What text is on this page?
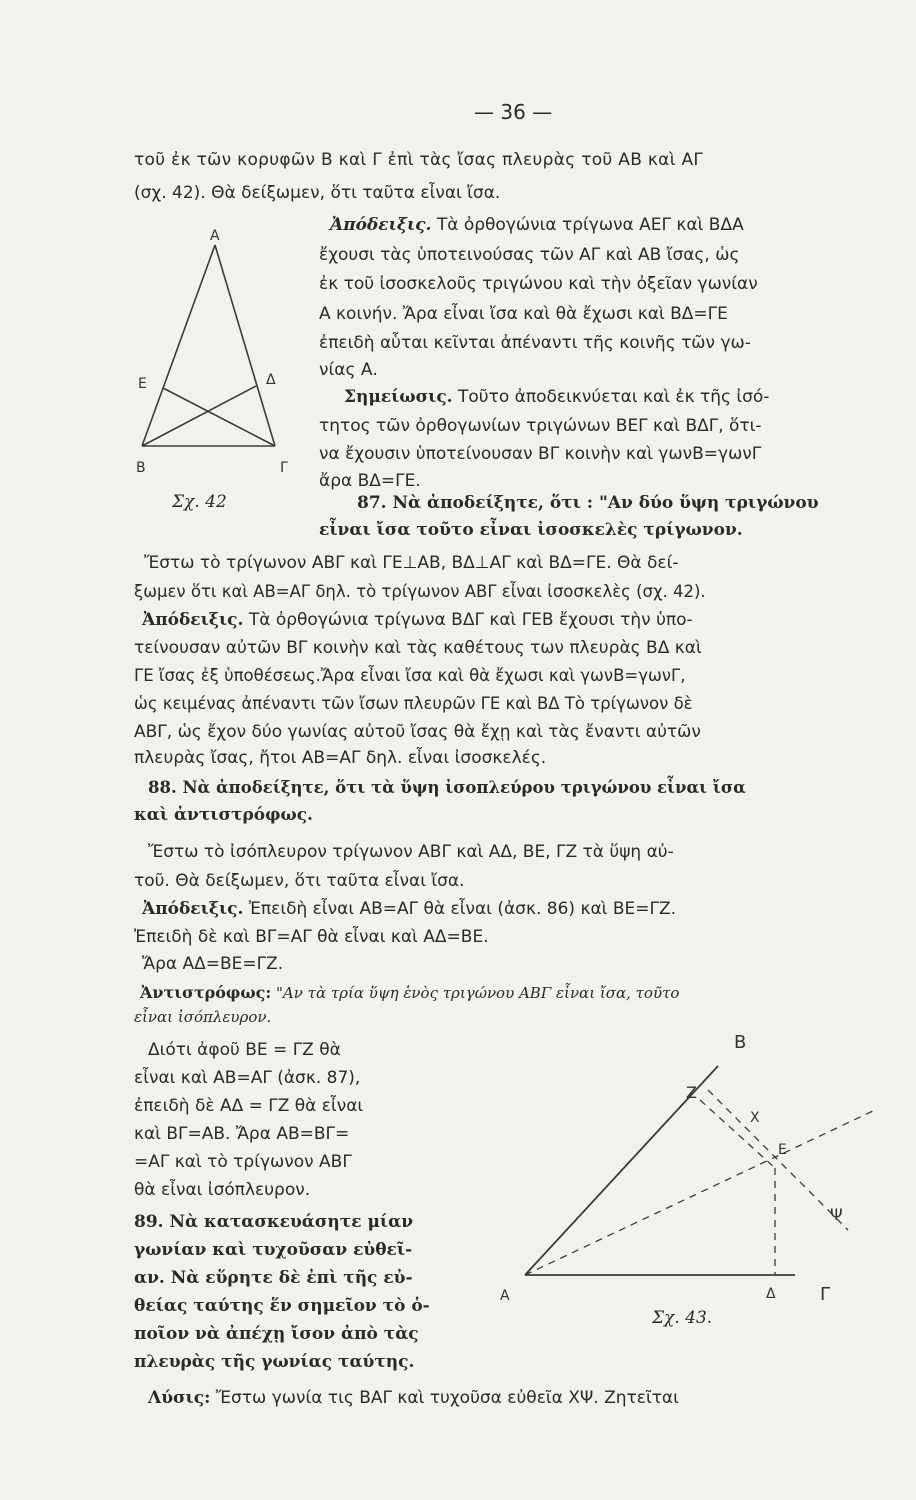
— 36 —
τοῦ ἐκ τῶν κορυφῶν Β καὶ Γ ἐπὶ τὰς ἴσας πλευρὰς τοῦ ΑΒ καὶ ΑΓ
(σχ. 42). Θὰ δείξωμεν, ὅτι ταῦτα εἶναι ἴσα.
Α
Ε	Δ
Β	Γ
Σχ. 42
Ἀπόδειξις. Τὰ ὀρθογώνια τρίγωνα ΑΕΓ καὶ ΒΔΑ
ἔχουσι τὰς ὑποτεινούσας τῶν ΑΓ καὶ ΑΒ ἴσας, ὡς
ἐκ τοῦ ἰσοσκελοῦς τριγώνου καὶ τὴν ὀξεῖαν γωνίαν
Α κοινήν. Ἄρα εἶναι ἴσα καὶ θὰ ἔχωσι καὶ ΒΔ=ΓΕ
ἐπειδὴ αὗται κεῖνται ἀπέναντι τῆς κοινῆς τῶν γω-
νίας Α.
Σημείωσις. Τοῦτο ἀποδεικνύεται καὶ ἐκ τῆς ἰσό-
τητος τῶν ὀρθογωνίων τριγώνων ΒΕΓ καὶ ΒΔΓ, ὅτι-
να ἔχουσιν ὑποτείνουσαν ΒΓ κοινὴν καὶ γωνΒ=γωνΓ
ἄρα ΒΔ=ΓΕ.
87. Νὰ ἀποδείξητε, ὅτι : "Αν δύο ὕψη τριγώνου
εἶναι ἴσα τοῦτο εἶναι ἰσοσκελὲς τρίγωνον.
Ἔστω τὸ τρίγωνον ΑΒΓ καὶ ΓΕ⊥ΑΒ, ΒΔ⊥ΑΓ καὶ ΒΔ=ΓΕ. Θὰ δεί-
ξωμεν ὅτι καὶ ΑΒ=ΑΓ δηλ. τὸ τρίγωνον ΑΒΓ εἶναι ἰσοσκελὲς (σχ. 42).
Ἀπόδειξις. Τὰ ὀρθογώνια τρίγωνα ΒΔΓ καὶ ΓΕΒ ἔχουσι τὴν ὑπο-
τείνουσαν αὐτῶν ΒΓ κοινὴν καὶ τὰς καθέτους των πλευρὰς ΒΔ καὶ
ΓΕ ἴσας ἐξ ὑποθέσεως.Ἄρα εἶναι ἴσα καὶ θὰ ἔχωσι καὶ γωνΒ=γωνΓ,
ὡς κειμένας ἀπέναντι τῶν ἴσων πλευρῶν ΓΕ καὶ ΒΔ Τὸ τρίγωνον δὲ
ΑΒΓ, ὡς ἔχον δύο γωνίας αὐτοῦ ἴσας θὰ ἔχῃ καὶ τὰς ἔναντι αὐτῶν
πλευρὰς ἴσας, ἤτοι ΑΒ=ΑΓ δηλ. εἶναι ἰσοσκελές.
88. Νὰ ἀποδείξητε, ὅτι τὰ ὕψη ἰσοπλεύρου τριγώνου εἶναι ἴσα
καὶ ἀντιστρόφως.
Ἔστω τὸ ἰσόπλευρον τρίγωνον ΑΒΓ καὶ ΑΔ, ΒΕ, ΓΖ τὰ ὕψη αὐ-
τοῦ. Θὰ δείξωμεν, ὅτι ταῦτα εἶναι ἴσα.
Ἀπόδειξις. Ἐπειδὴ εἶναι ΑΒ=ΑΓ θὰ εἶναι (ἀσκ. 86) καὶ ΒΕ=ΓΖ.
Ἐπειδὴ δὲ καὶ ΒΓ=ΑΓ θὰ εἶναι καὶ ΑΔ=ΒΕ.
Ἄρα ΑΔ=ΒΕ=ΓΖ.
Ἀντιστρόφως: "Αν τὰ τρία ὕψη ἑνὸς τριγώνου ΑΒΓ εἶναι ἴσα, τοῦτο
εἶναι ἰσόπλευρον.
Διότι ἀφοῦ ΒΕ = ΓΖ θὰ
εἶναι καὶ ΑΒ=ΑΓ (ἀσκ. 87),
ἐπειδὴ δὲ ΑΔ = ΓΖ θὰ εἶναι
καὶ ΒΓ=ΑΒ. Ἄρα ΑΒ=ΒΓ=
=ΑΓ καὶ τὸ τρίγωνον ΑΒΓ
θὰ εἶναι ἰσόπλευρον.
89. Νὰ κατασκευάσητε μίαν
γωνίαν καὶ τυχοῦσαν εὐθεῖ-
αν. Νὰ εὕρητε δὲ ἐπὶ τῆς εὐ-
θείας ταύτης ἕν σημεῖον τὸ ὁ-
ποῖον νὰ ἀπέχῃ ἴσον ἀπὸ τὰς
πλευρὰς τῆς γωνίας ταύτης.
Β
Ζ
Χ
Ε
Ψ
Α	Δ Γ
Σχ. 43.
Λύσις: Ἔστω γωνία τις ΒΑΓ καὶ τυχοῦσα εὐθεῖα ΧΨ. Ζητεῖται
